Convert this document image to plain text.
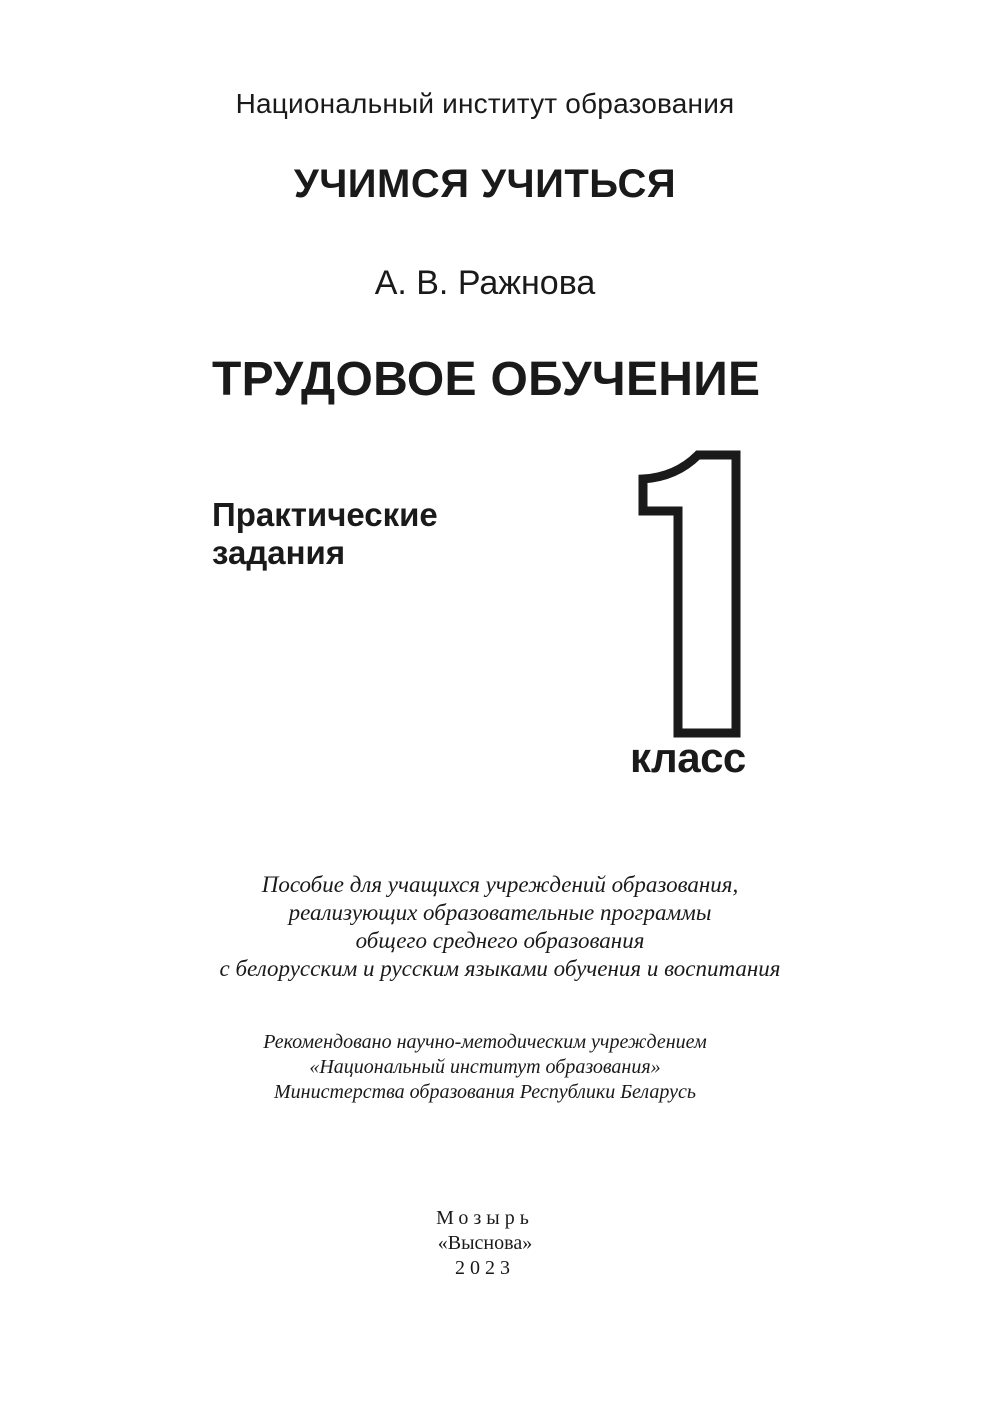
Национальный институт образования
УЧИМСЯ УЧИТЬСЯ
А. В. Ражнова
ТРУДОВОЕ ОБУЧЕНИЕ
Практические
задания
класс
Пособие для учащихся учреждений образования,
реализующих образовательные программы
общего среднего образования
с белорусским и русским языками обучения и воспитания
Рекомендовано научно-методическим учреждением
«Национальный институт образования»
Министерства образования Республики Беларусь
Мозырь
«Выснова»
2023
